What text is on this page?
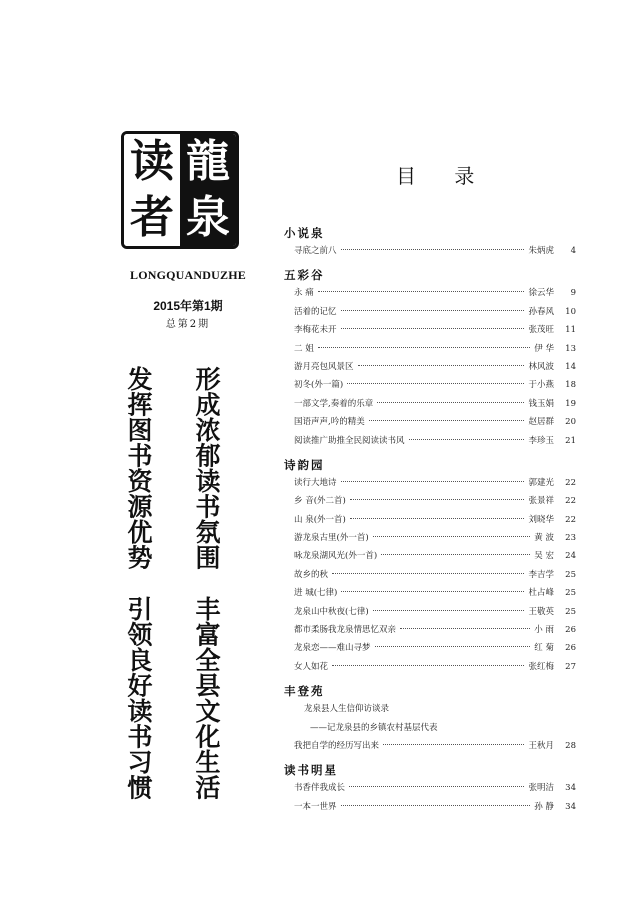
读 龍
者 泉
LONGQUANDUZHE
2015年第1期
总第2期
形成浓郁读书氛围
发挥图书资源优势
丰富全县文化生活
引领良好读书习惯
目 录
小说泉
寻底之前八	朱炳虎	4
五彩谷
永 痛	徐云华	9
活着的记忆	孙春风	10
李梅花未开	张茂旺	11
二 姐	伊 华	13
游月亮包风景区	林风波	14
初冬(外一篇)	于小燕	18
一部文学,奏着的乐章	钱玉娟	19
国语声声,吟的精美	赵居群	20
阅读推广助推全民阅读读书风	李珍玉	21
诗韵园
读行大地诗	郭建光	22
乡 音(外二首)	张景祥	22
山 泉(外一首)	刘晓华	22
游龙泉古里(外一首)	黄 波	23
咏龙泉湖风光(外一首)	吴 宏	24
故乡的秋	李吉学	25
进 城(七律)	杜占峰	25
龙泉山中秋夜(七律)	王敬英	25
都市柔肠我龙泉情思忆双亲	小 雨	26
龙泉恋——难山寻梦	红 菊	26
女人如花	张红梅	27
丰登苑
龙泉县人生信仰访谈录
——记龙泉县的乡镇农村基层代表
我把自学的经历写出来	王秋月	28
读书明星
书香伴我成长	张明洁	34
一本一世界	孙 静	34
